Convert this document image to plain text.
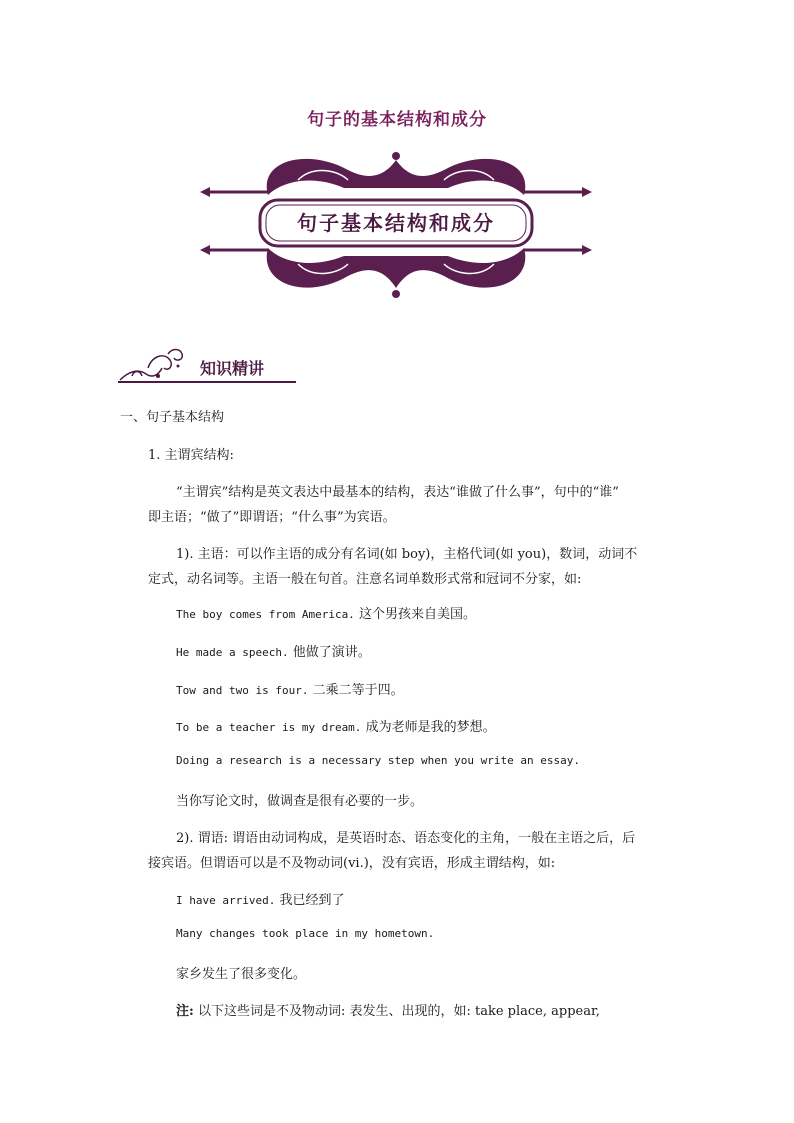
句子的基本结构和成分
句子基本结构和成分
知识精讲
一、句子基本结构
1. 主谓宾结构:
“主谓宾”结构是英文表达中最基本的结构，表达“谁做了什么事”，句中的“谁”
即主语；“做了”即谓语；“什么事”为宾语。
1). 主语：可以作主语的成分有名词(如 boy)，主格代词(如 you)，数词，动词不
定式，动名词等。主语一般在句首。注意名词单数形式常和冠词不分家，如:
The boy comes from America. 这个男孩来自美国。
He made a speech. 他做了演讲。
Tow and two is four. 二乘二等于四。
To be a teacher is my dream. 成为老师是我的梦想。
Doing a research is a necessary step when you write an essay.
当你写论文时，做调查是很有必要的一步。
2). 谓语: 谓语由动词构成，是英语时态、语态变化的主角，一般在主语之后，后
接宾语。但谓语可以是不及物动词(vi.)，没有宾语，形成主谓结构，如:
I have arrived. 我已经到了
Many changes took place in my hometown.
家乡发生了很多变化。
注: 以下这些词是不及物动词: 表发生、出现的，如: take place, appear,
